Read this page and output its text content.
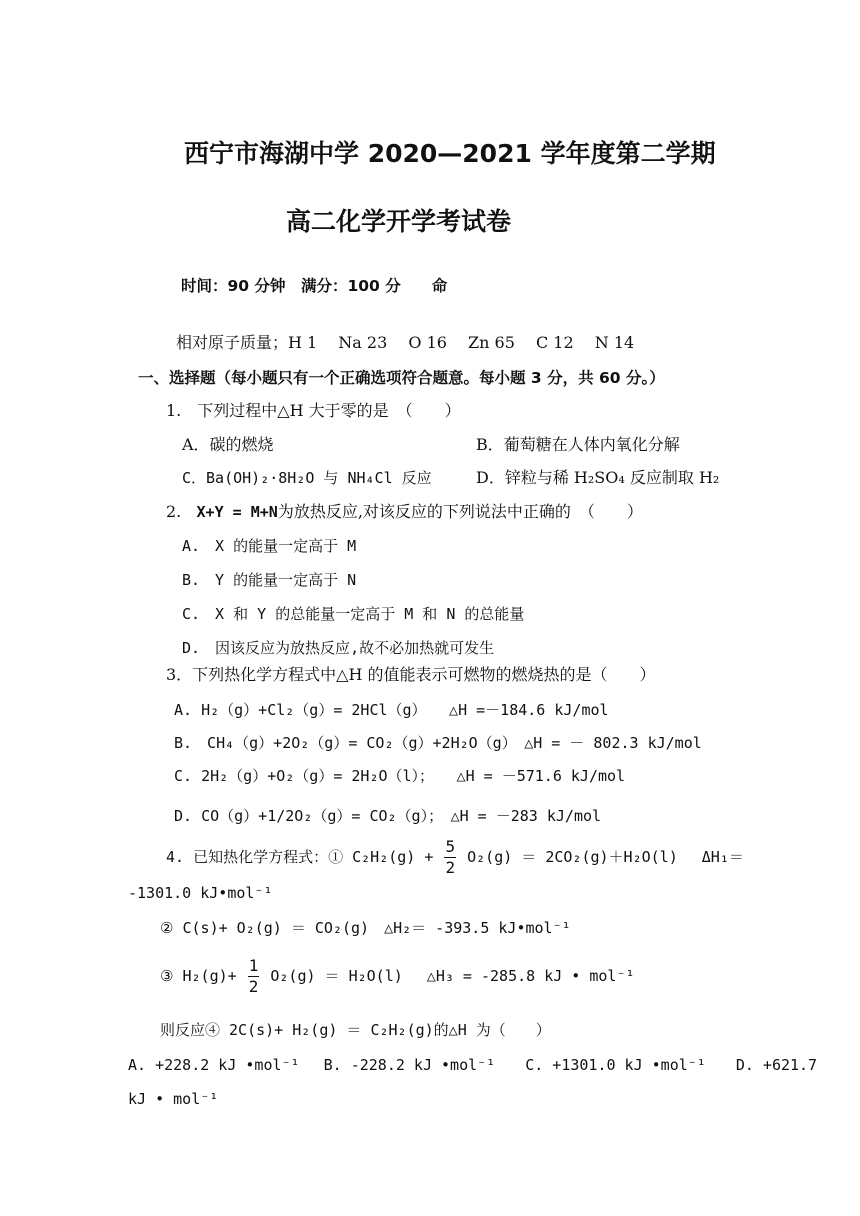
西宁市海湖中学 2020—2021 学年度第二学期
高二化学开学考试卷
时间：90 分钟　满分：100 分　　命
相对原子质量；H 1　 Na 23　 O 16　 Zn 65　 C 12　 N 14
一、选择题（每小题只有一个正确选项符合题意。每小题 3 分，共 60 分。）
1.　下列过程中△H 大于零的是　（　　）
A．碳的燃烧	B．葡萄糖在人体内氧化分解
C．Ba(OH)₂·8H₂O 与 NH₄Cl 反应	D．锌粒与稀 H₂SO₄ 反应制取 H₂
2. X+Y = M+N为放热反应,对该反应的下列说法中正确的　（　　）
A.　X 的能量一定高于 M
B.　Y 的能量一定高于 N
C.　X 和 Y 的总能量一定高于 M 和 N 的总能量
D.　因该反应为放热反应,故不必加热就可发生
3．下列热化学方程式中△H 的值能表示可燃物的燃烧热的是（　　）
A. H₂（g）+Cl₂（g）= 2HCl（g）　　△H =－184.6 kJ/mol
B.　CH₄（g）+2O₂（g）= CO₂（g）+2H₂O（g）　△H = － 802.3 kJ/mol
C. 2H₂（g）+O₂（g）= 2H₂O（l）；　　△H = －571.6 kJ/mol
D. CO（g）+1/2O₂（g）= CO₂（g）；　△H = －283 kJ/mol
4. 已知热化学方程式：① $C_2H_2(g) + \frac{5}{2} O_2(g) = 2CO_2(g)+H_2O(l)$　 ΔH₁＝
-1301.0 kJ•mol⁻¹
② C(s)+ O₂(g) ＝ CO₂(g)　△H₂＝ -393.5 kJ•mol⁻¹
③ $H_2(g)+ \frac{1}{2} O_2(g) = H_2O(l)$　 △H₃ = -285.8 kJ • mol⁻¹
则反应④ 2C(s)+ H₂(g) ＝ C₂H₂(g)的△H 为（　　）
A. +228.2 kJ •mol⁻¹　 B. -228.2 kJ •mol⁻¹　　C. +1301.0 kJ •mol⁻¹　　D. +621.7
kJ • mol⁻¹
